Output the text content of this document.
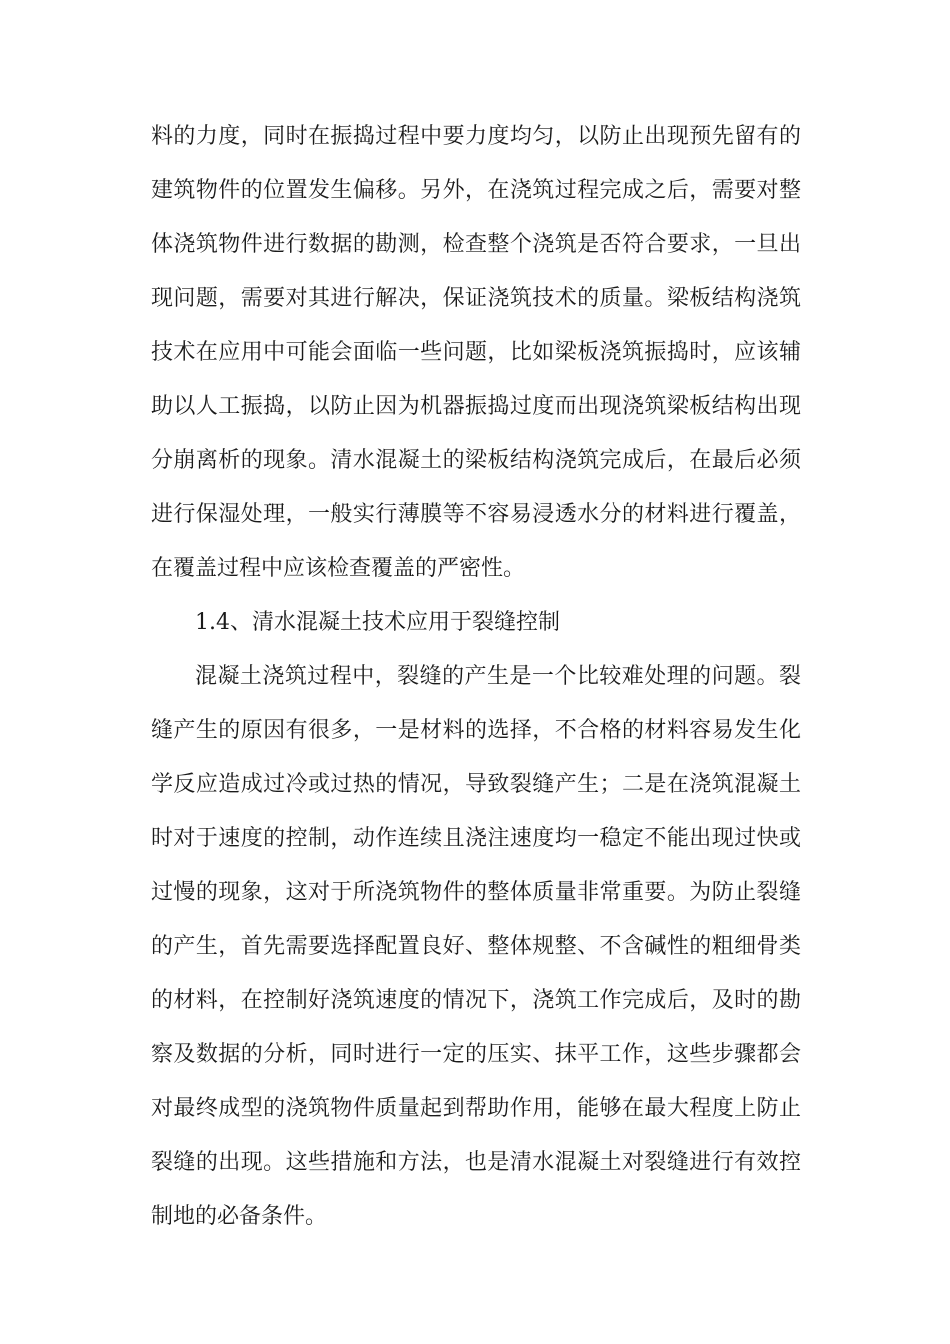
料的力度，同时在振捣过程中要力度均匀，以防止出现预先留有的
建筑物件的位置发生偏移。另外，在浇筑过程完成之后，需要对整
体浇筑物件进行数据的勘测，检查整个浇筑是否符合要求，一旦出
现问题，需要对其进行解决，保证浇筑技术的质量。梁板结构浇筑
技术在应用中可能会面临一些问题，比如梁板浇筑振捣时，应该辅
助以人工振捣，以防止因为机器振捣过度而出现浇筑梁板结构出现
分崩离析的现象。清水混凝土的梁板结构浇筑完成后，在最后必须
进行保湿处理，一般实行薄膜等不容易浸透水分的材料进行覆盖，
在覆盖过程中应该检查覆盖的严密性。
1.4、清水混凝土技术应用于裂缝控制
混凝土浇筑过程中，裂缝的产生是一个比较难处理的问题。裂
缝产生的原因有很多，一是材料的选择，不合格的材料容易发生化
学反应造成过冷或过热的情况，导致裂缝产生；二是在浇筑混凝土
时对于速度的控制，动作连续且浇注速度均一稳定不能出现过快或
过慢的现象，这对于所浇筑物件的整体质量非常重要。为防止裂缝
的产生，首先需要选择配置良好、整体规整、不含碱性的粗细骨类
的材料，在控制好浇筑速度的情况下，浇筑工作完成后，及时的勘
察及数据的分析，同时进行一定的压实、抹平工作，这些步骤都会
对最终成型的浇筑物件质量起到帮助作用，能够在最大程度上防止
裂缝的出现。这些措施和方法，也是清水混凝土对裂缝进行有效控
制地的必备条件。
